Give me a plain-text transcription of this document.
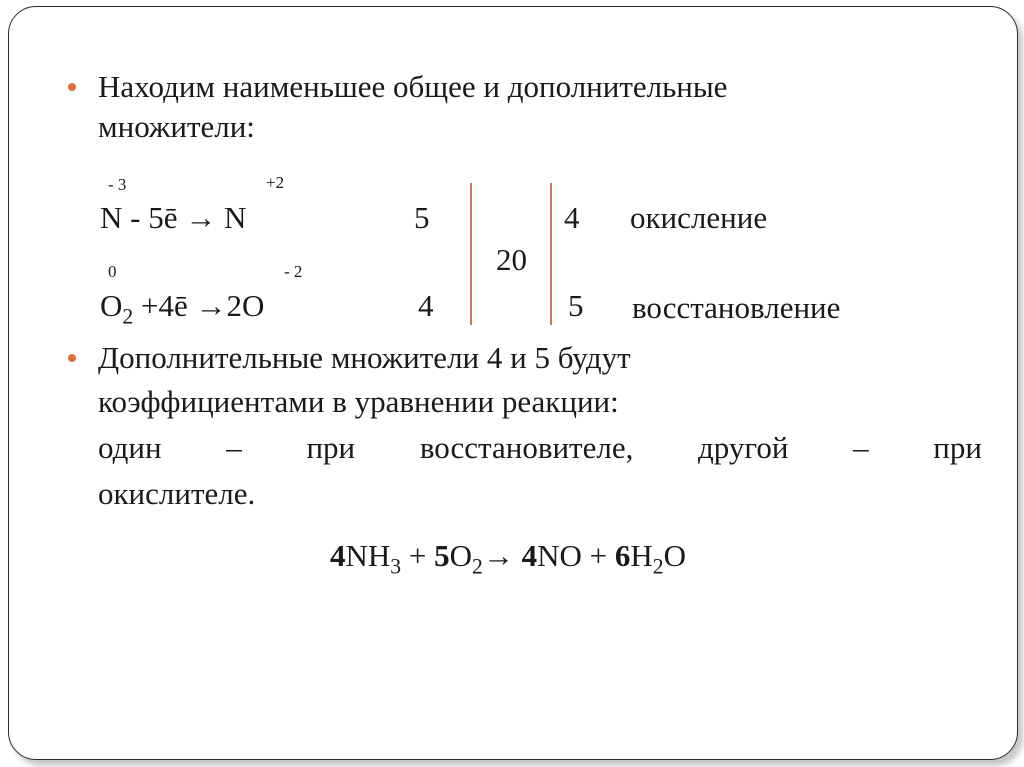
Находим наименьшее общее и дополнительные
множители:
- 3	+2
N - 5ē → N	5	4 окисление
20
0	- 2
$O_2$ +4ē →2O	4	5 восстановление
Дополнительные множители 4 и 5 будут
коэффициентами в уравнении реакции:
один – при восстановителе, другой – при
окислителе.
$4NH_3 + 5O_2\to 4NO + 6H_2O$
